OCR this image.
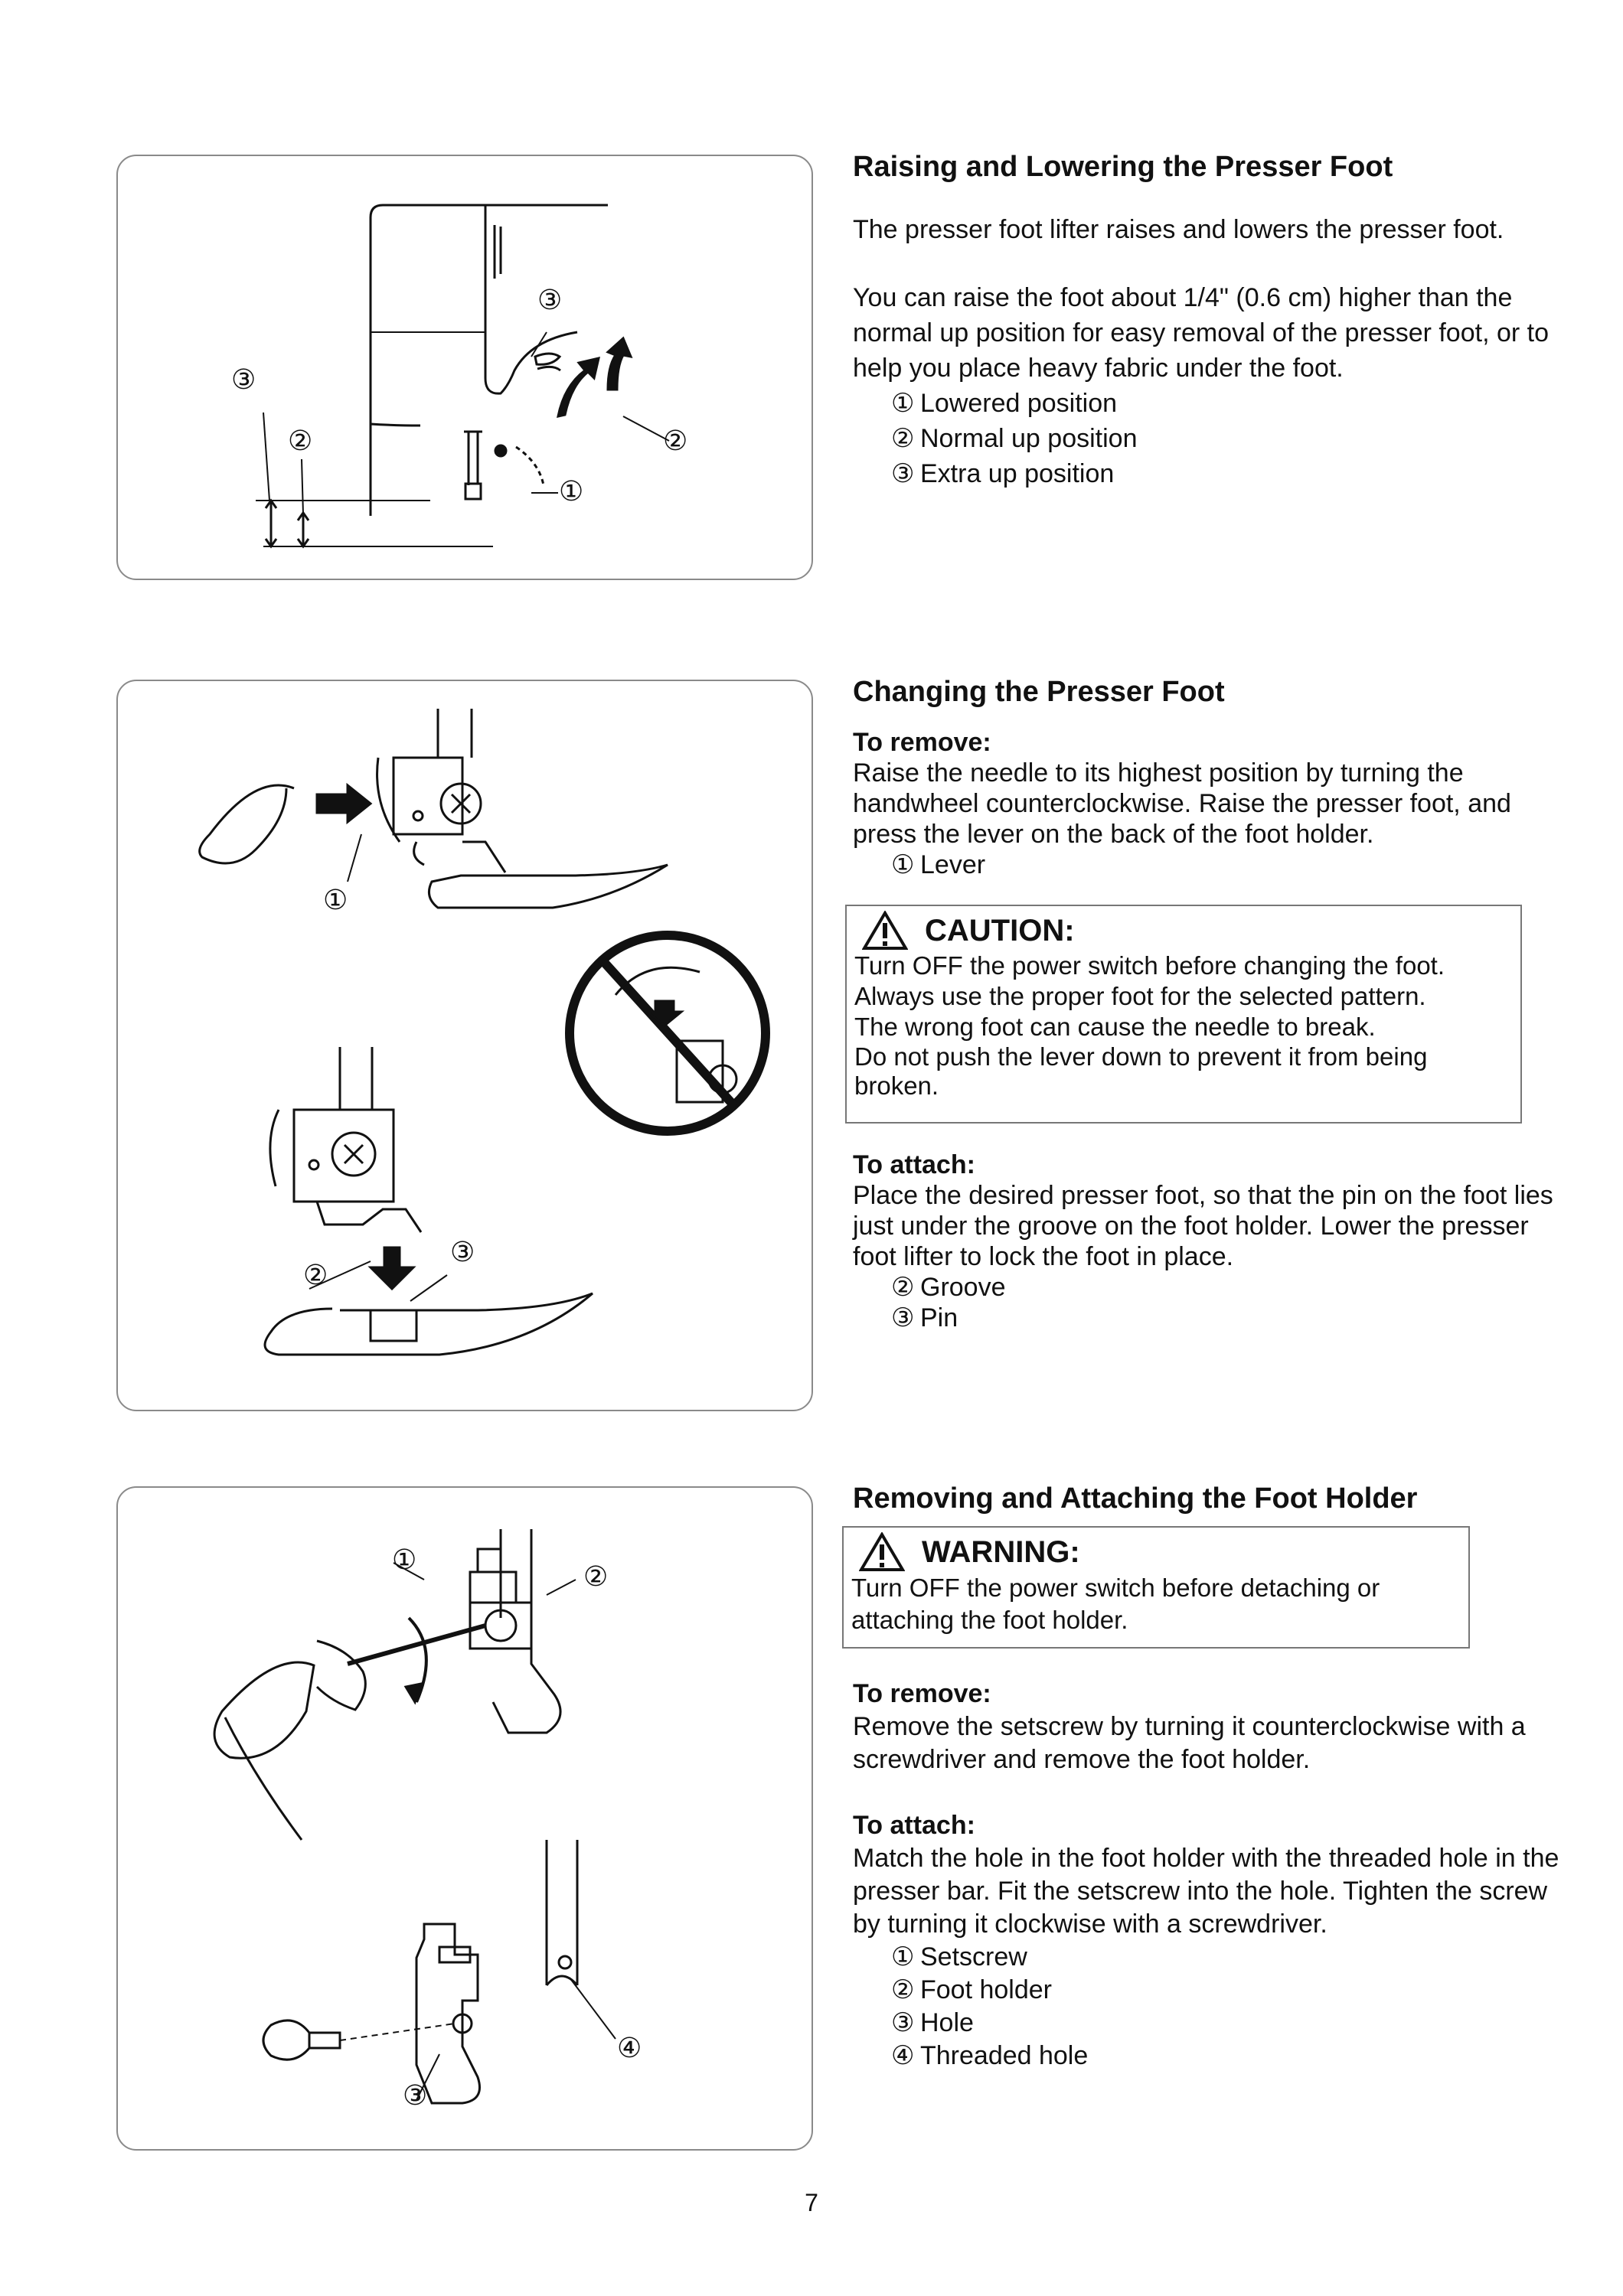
③
②
③
②
①
①
②
③
①
②
③
④

Raising and Lowering the Presser Foot

The presser foot lifter raises and lowers the presser foot.

You can raise the foot about 1/4" (0.6 cm) higher than the normal up position for easy removal of the presser foot, or to help you place heavy fabric under the foot.

① Lowered position

② Normal up position

③ Extra up position

Changing the Presser Foot

To remove:

Raise the needle to its highest position by turning the handwheel counterclockwise. Raise the presser foot, and press the lever on the back of the foot holder.

① Lever

CAUTION:

Turn OFF the power switch before changing the foot.

Always use the proper foot for the selected pattern.

The wrong foot can cause the needle to break.

Do not push the lever down to prevent it from being broken.

To attach:

Place the desired presser foot, so that the pin on the foot lies just under the groove on the foot holder. Lower the presser foot lifter to lock the foot in place.

② Groove

③ Pin

Removing and Attaching the Foot Holder

WARNING:

Turn OFF the power switch before detaching or attaching the foot holder.

To remove:

Remove the setscrew by turning it counterclockwise with a screwdriver and remove the foot holder.

To attach:

Match the hole in the foot holder with the threaded hole in the presser bar. Fit the setscrew into the hole. Tighten the screw by turning it clockwise with a screwdriver.

① Setscrew

② Foot holder

③ Hole

④ Threaded hole

7
